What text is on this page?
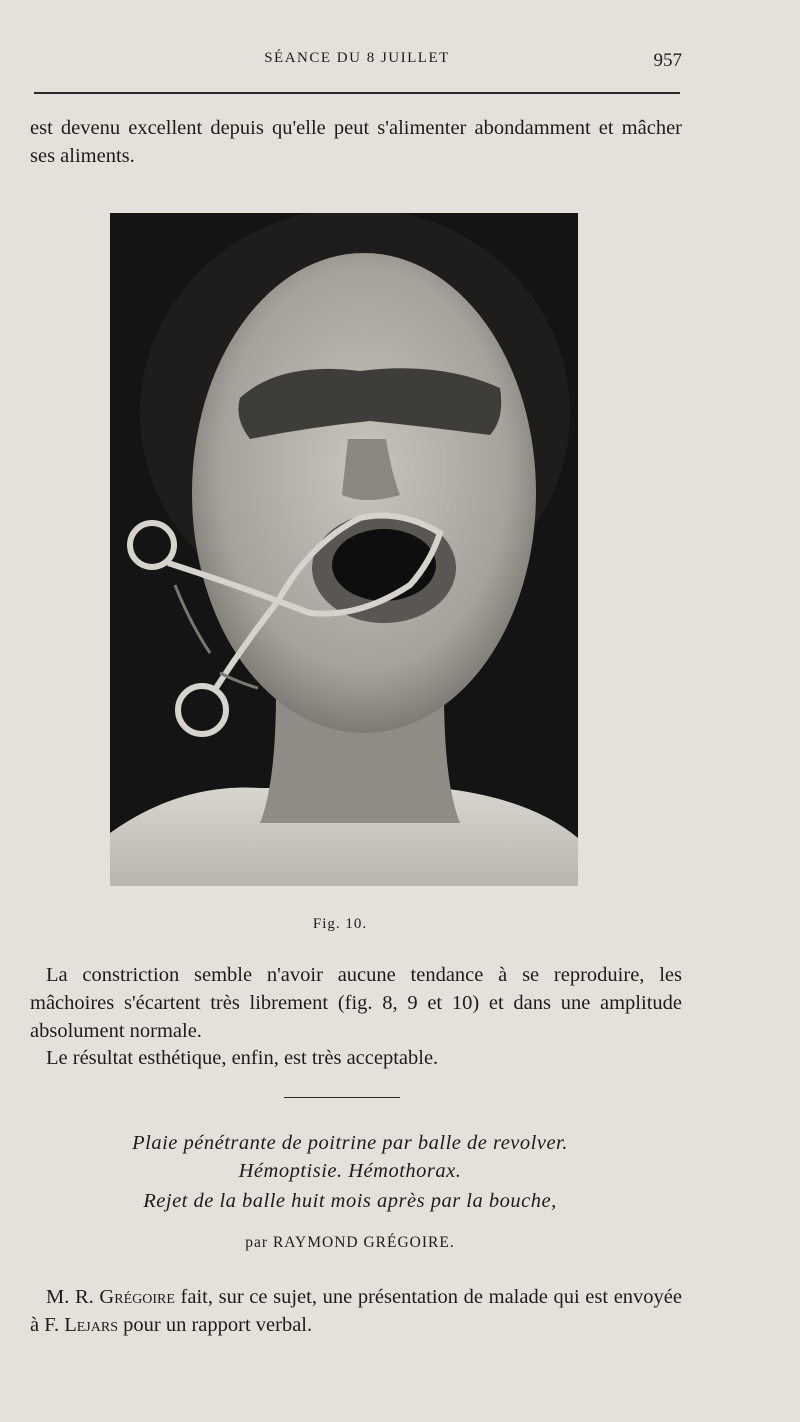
SÉANCE DU 8 JUILLET	957

est devenu excellent depuis qu'elle peut s'alimenter abondamment et mâcher ses aliments.

Fig. 10.

La constriction semble n'avoir aucune tendance à se reproduire, les mâchoires s'écartent très librement (fig. 8, 9 et 10) et dans une amplitude absolument normale.

Le résultat esthétique, enfin, est très acceptable.

Plaie pénétrante de poitrine par balle de revolver.
Hémoptisie. Hémothorax.
Rejet de la balle huit mois après par la bouche,
par RAYMOND GRÉGOIRE.

M. R. Grégoire fait, sur ce sujet, une présentation de malade qui est envoyée à F. Lejars pour un rapport verbal.
